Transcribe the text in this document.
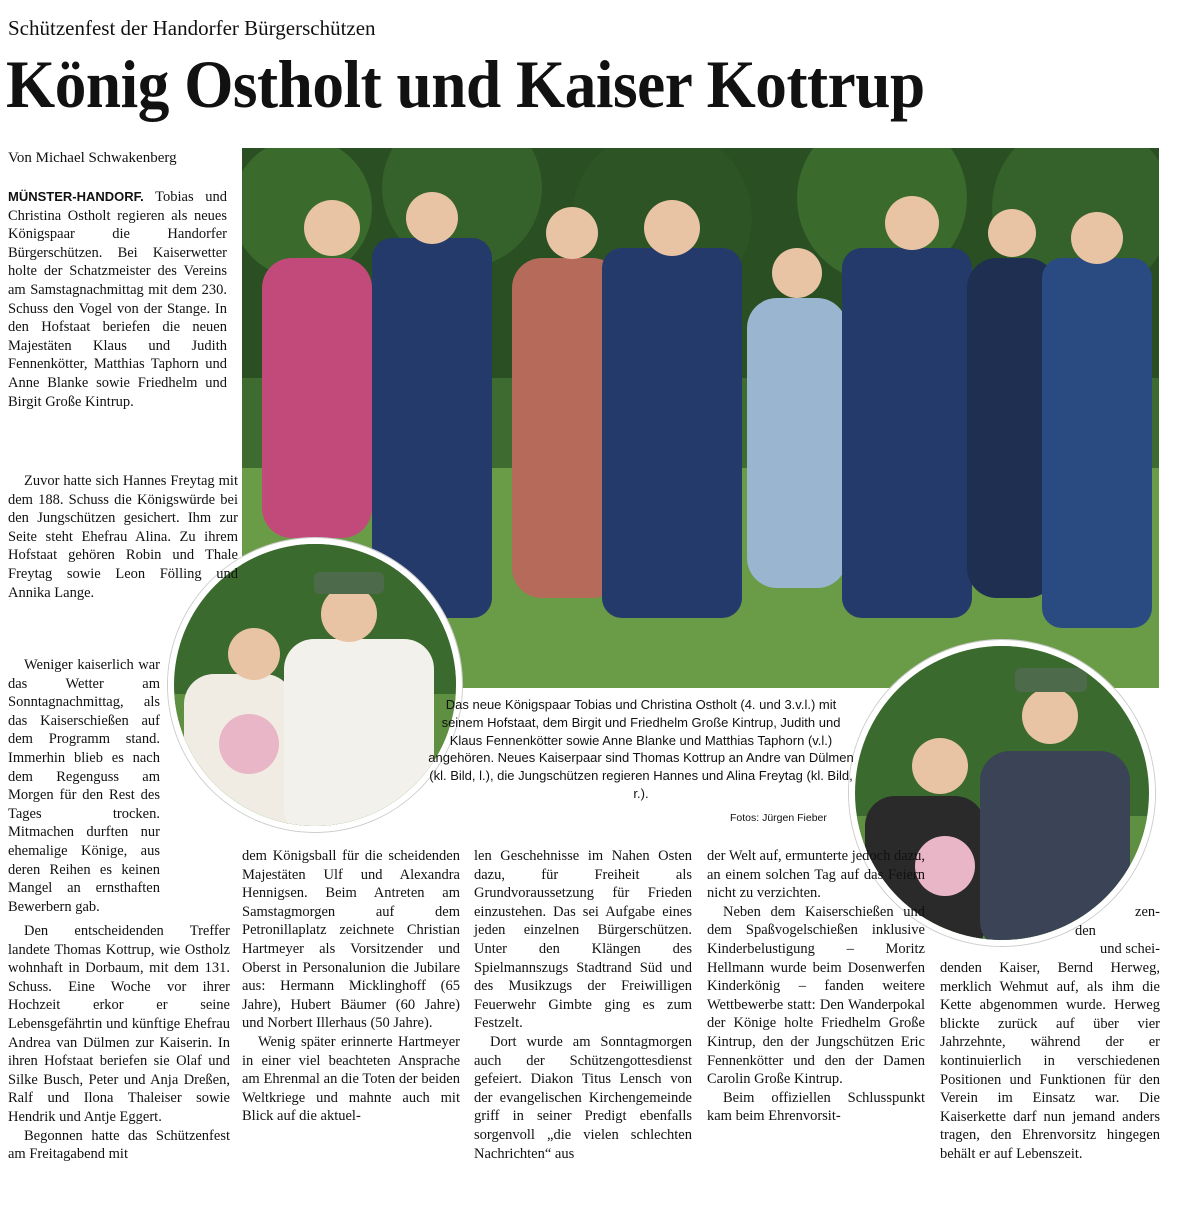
Schützenfest der Handorfer Bürgerschützen
König Ostholt und Kaiser Kottrup
Von Michael Schwakenberg
Das neue Königspaar Tobias und Christina Ostholt (4. und 3.v.l.) mit seinem Hofstaat, dem Birgit und Friedhelm Große Kintrup, Judith und Klaus Fennenkötter sowie Anne Blanke und Matthias Taphorn (v.l.) angehören. Neues Kaiserpaar sind Thomas Kottrup an Andre van Dülmen (kl. Bild, l.), die Jungschützen regieren Hannes und Alina Freytag (kl. Bild, r.).
Fotos: Jürgen Fieber

MÜNSTER-HANDORF. Tobias und Christina Ostholt regieren als neues Königspaar die Handorfer Bürgerschützen. Bei Kaiserwetter holte der Schatzmeister des Vereins am Samstagnachmittag mit dem 230. Schuss den Vogel von der Stange. In den Hofstaat beriefen die neuen Majestäten Klaus und Judith Fennenkötter, Matthias Taphorn und Anne Blanke sowie Friedhelm und Birgit Große Kintrup.

Zuvor hatte sich Hannes Freytag mit dem 188. Schuss die Königswürde bei den Jungschützen gesichert. Ihm zur Seite steht Ehefrau Alina. Zu ihrem Hofstaat gehören Robin und Thale Freytag sowie Leon Fölling und Annika Lange.

Weniger kaiserlich war das Wetter am Sonntagnachmittag, als das Kaiserschießen auf dem Programm stand. Immerhin blieb es nach dem Regenguss am Morgen für den Rest des Tages trocken. Mitmachen durften nur ehemalige Könige, aus deren Reihen es keinen Mangel an ernsthaften Bewerbern gab.

Den entscheidenden Treffer landete Thomas Kottrup, wie Ostholz wohnhaft in Dorbaum, mit dem 131. Schuss. Eine Woche vor ihrer Hochzeit erkor er seine Lebensgefährtin und künftige Ehefrau Andrea van Dülmen zur Kaiserin. In ihren Hofstaat beriefen sie Olaf und Silke Busch, Peter und Anja Dreßen, Ralf und Ilona Thaleiser sowie Hendrik und Antje Eggert.

Begonnen hatte das Schützenfest am Freitagabend mit

dem Königsball für die scheidenden Majestäten Ulf und Alexandra Hennigsen. Beim Antreten am Samstagmorgen auf dem Petronillaplatz zeichnete Christian Hartmeyer als Vorsitzender und Oberst in Personalunion die Jubilare aus: Hermann Micklinghoff (65 Jahre), Hubert Bäumer (60 Jahre) und Norbert Illerhaus (50 Jahre).

Wenig später erinnerte Hartmeyer in einer viel beachteten Ansprache am Ehrenmal an die Toten der beiden Weltkriege und mahnte auch mit Blick auf die aktuel-

len Geschehnisse im Nahen Osten dazu, für Freiheit als Grundvoraussetzung für Frieden einzustehen. Das sei Aufgabe eines jeden einzelnen Bürgerschützen. Unter den Klängen des Spielmannszugs Stadtrand Süd und des Musikzugs der Freiwilligen Feuerwehr Gimbte ging es zum Festzelt.

Dort wurde am Sonntagmorgen auch der Schützengottesdienst gefeiert. Diakon Titus Lensch von der evangelischen Kirchengemeinde griff in seiner Predigt ebenfalls sorgenvoll „die vielen schlechten Nachrichten“ aus

der Welt auf, ermunterte jedoch dazu, an einem solchen Tag auf das Feiern nicht zu verzichten.

Neben dem Kaiserschießen und dem Spaßvogelschießen inklusive Kinderbelustigung – Moritz Hellmann wurde beim Dosenwerfen Kinderkönig – fanden weitere Wettbewerbe statt: Den Wanderpokal der Könige holte Friedhelm Große Kintrup, den der Jungschützen Eric Fennenkötter und den der Damen Carolin Große Kintrup.

Beim offiziellen Schlusspunkt kam beim Ehrenvorsit-

zen-
den
und schei-

denden Kaiser, Bernd Herweg, merklich Wehmut auf, als ihm die Kette abgenommen wurde. Herweg blickte zurück auf über vier Jahrzehnte, während der er kontinuierlich in verschiedenen Positionen und Funktionen für den Verein im Einsatz war. Die Kaiserkette darf nun jemand anders tragen, den Ehrenvorsitz hingegen behält er auf Lebenszeit.
